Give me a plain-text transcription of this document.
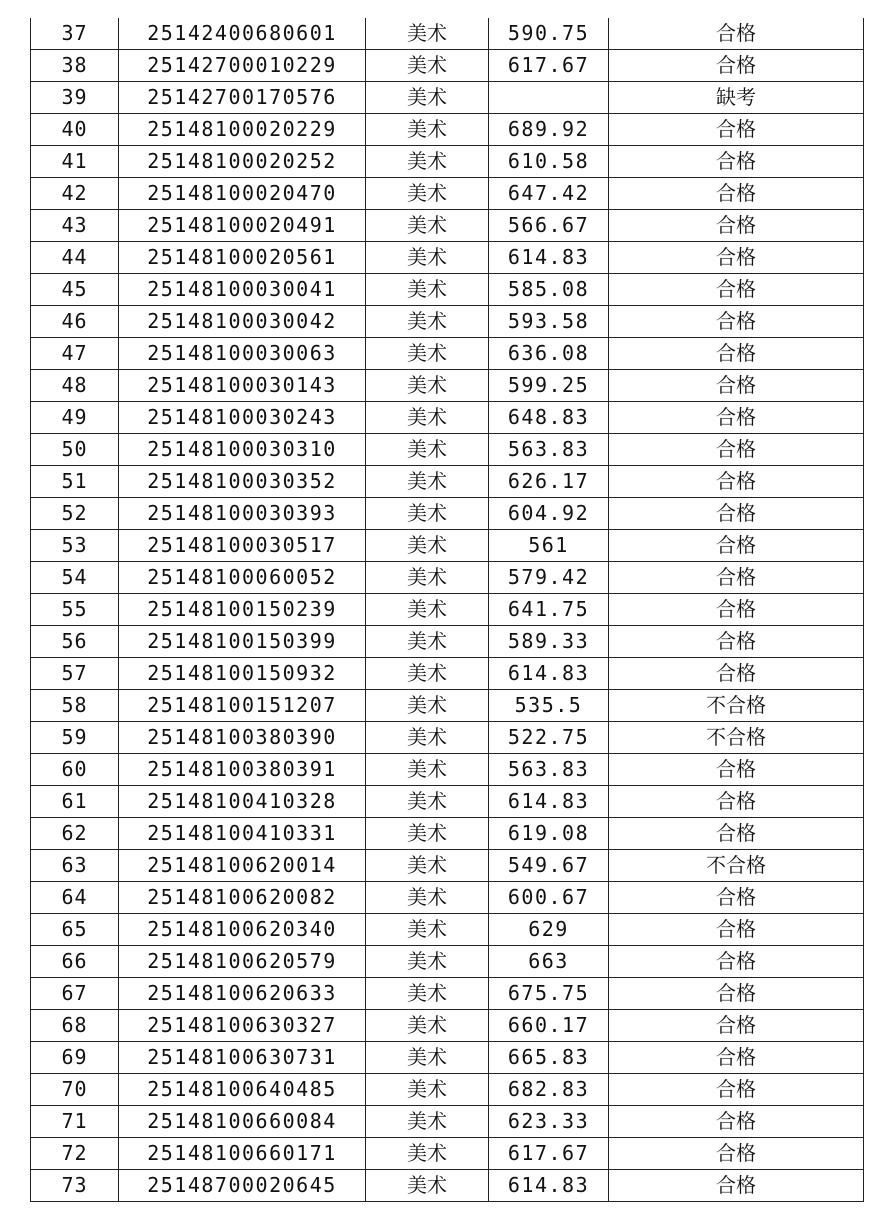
37	25142400680601	美术	590.75	合格
38	25142700010229	美术	617.67	合格
39	25142700170576	美术		缺考
40	25148100020229	美术	689.92	合格
41	25148100020252	美术	610.58	合格
42	25148100020470	美术	647.42	合格
43	25148100020491	美术	566.67	合格
44	25148100020561	美术	614.83	合格
45	25148100030041	美术	585.08	合格
46	25148100030042	美术	593.58	合格
47	25148100030063	美术	636.08	合格
48	25148100030143	美术	599.25	合格
49	25148100030243	美术	648.83	合格
50	25148100030310	美术	563.83	合格
51	25148100030352	美术	626.17	合格
52	25148100030393	美术	604.92	合格
53	25148100030517	美术	561	合格
54	25148100060052	美术	579.42	合格
55	25148100150239	美术	641.75	合格
56	25148100150399	美术	589.33	合格
57	25148100150932	美术	614.83	合格
58	25148100151207	美术	535.5	不合格
59	25148100380390	美术	522.75	不合格
60	25148100380391	美术	563.83	合格
61	25148100410328	美术	614.83	合格
62	25148100410331	美术	619.08	合格
63	25148100620014	美术	549.67	不合格
64	25148100620082	美术	600.67	合格
65	25148100620340	美术	629	合格
66	25148100620579	美术	663	合格
67	25148100620633	美术	675.75	合格
68	25148100630327	美术	660.17	合格
69	25148100630731	美术	665.83	合格
70	25148100640485	美术	682.83	合格
71	25148100660084	美术	623.33	合格
72	25148100660171	美术	617.67	合格
73	25148700020645	美术	614.83	合格
